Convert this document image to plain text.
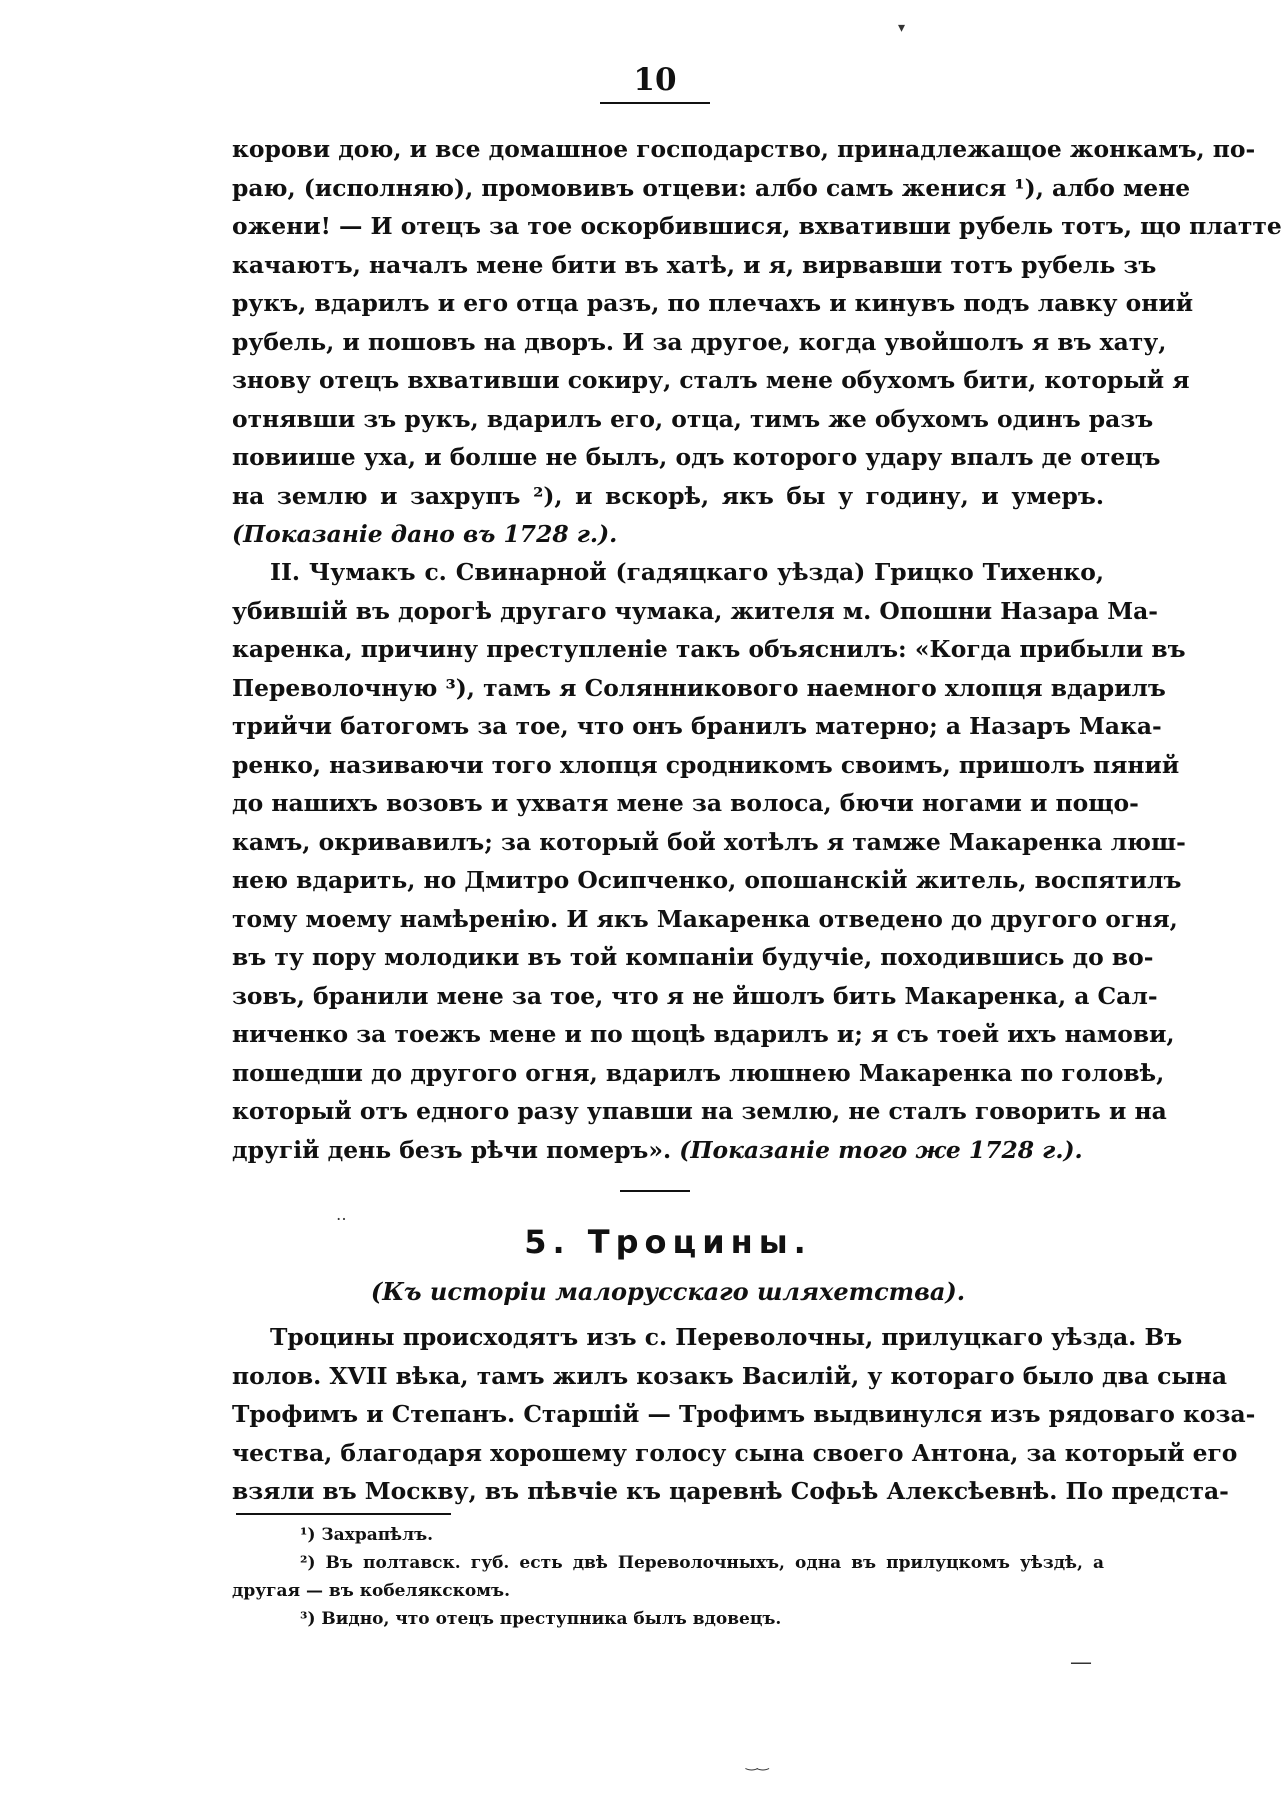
10
▾
корови дою, и все домашное господарство, принадлежащое жонкамъ, по-
раю, (исполняю), промовивъ отцеви: албо самъ женися ¹), албо мене
ожени! — И отецъ за тое оскорбившися, вхвативши рубель тотъ, що платте
качаютъ, началъ мене бити въ хатѣ, и я, вирвавши тотъ рубель зъ
рукъ, вдарилъ и его отца разъ, по плечахъ и кинувъ подъ лавку оний
рубель, и пошовъ на дворъ. И за другое, когда увойшолъ я въ хату,
знову отецъ вхвативши сокиру, сталъ мене обухомъ бити, который я
отнявши зъ рукъ, вдарилъ его, отца, тимъ же обухомъ одинъ разъ
повиише уха, и болше не былъ, одъ которого удару впалъ де отецъ
на землю и захрупъ ²), и вскорѣ, якъ бы у годину, и умеръ.
(Показаніе дано въ 1728 г.).
II. Чумакъ с. Свинарной (гадяцкаго уѣзда) Грицко Тихенко,
убившій въ дорогѣ другаго чумака, жителя м. Опошни Назара Ма-
каренка, причину преступленіе такъ объяснилъ: «Когда прибыли въ
Переволочную ³), тамъ я Солянникового наемного хлопця вдарилъ
трийчи батогомъ за тое, что онъ бранилъ матерно; а Назаръ Мака-
ренко, називаючи того хлопця сродникомъ своимъ, пришолъ пяний
до нашихъ возовъ и ухватя мене за волоса, бючи ногами и пощо-
камъ, окривавилъ; за который бой хотѣлъ я тамже Макаренка люш-
нею вдарить, но Дмитро Осипченко, опошанскій житель, воспятилъ
тому моему намѣренію. И якъ Макаренка отведено до другого огня,
въ ту пору молодики въ той компаніи будучіе, походившись до во-
зовъ, бранили мене за тое, что я не йшолъ бить Макаренка, а Сал-
ниченко за тоежъ мене и по щоцѣ вдарилъ и; я съ тоей ихъ намови,
пошедши до другого огня, вдарилъ люшнею Макаренка по головѣ,
который отъ едного разу упавши на землю, не сталъ говорить и на
другій день безъ рѣчи померъ». (Показаніе того же 1728 г.).
‥
5. Троцины.
(Къ исторіи малорусскаго шляхетства).
Троцины происходятъ изъ с. Переволочны, прилуцкаго уѣзда. Въ
полов. XVII вѣка, тамъ жилъ козакъ Василій, у котораго было два сына
Трофимъ и Степанъ. Старшій — Трофимъ выдвинулся изъ рядоваго коза-
чества, благодаря хорошему голосу сына своего Антона, за который его
взяли въ Москву, въ пѣвчіе къ царевнѣ Софьѣ Алексѣевнѣ. По предста-
¹) Захрапѣлъ.
²) Въ полтавск. губ. есть двѣ Переволочныхъ, одна въ прилуцкомъ уѣздѣ, а
другая — въ кобелякскомъ.
³) Видно, что отецъ преступника былъ вдовецъ.
—
‿‿
